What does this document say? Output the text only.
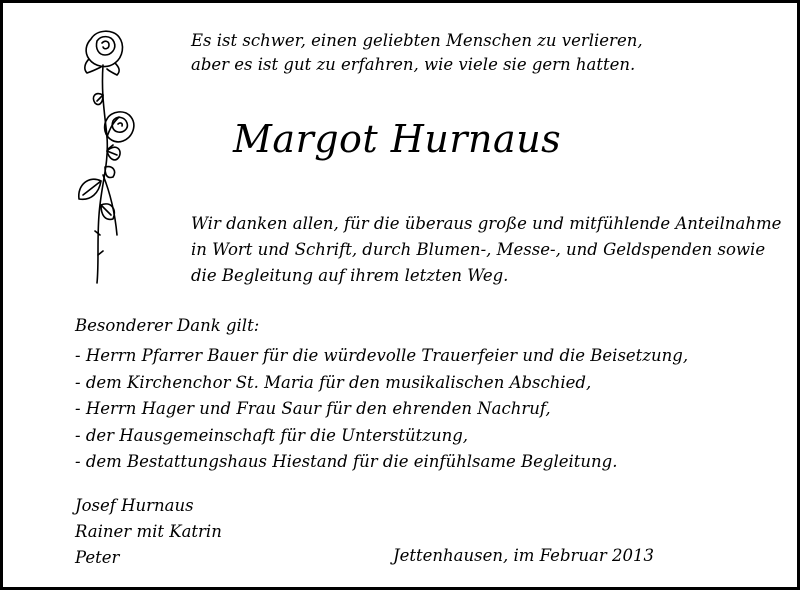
Es ist schwer, einen geliebten Menschen zu verlieren,
aber es ist gut zu erfahren, wie viele sie gern hatten.
Margot Hurnaus
Wir danken allen, für die überaus große und mitfühlende Anteilnahme
in Wort und Schrift, durch Blumen-, Messe-, und Geldspenden sowie
die Begleitung auf ihrem letzten Weg.
Besonderer Dank gilt:
- Herrn Pfarrer Bauer für die würdevolle Trauerfeier und die Beisetzung,
- dem Kirchenchor St. Maria für den musikalischen Abschied,
- Herrn Hager und Frau Saur für den ehrenden Nachruf,
- der Hausgemeinschaft für die Unterstützung,
- dem Bestattungshaus Hiestand für die einfühlsame Begleitung.
Josef Hurnaus
Rainer mit Katrin
Peter	Jettenhausen, im Februar 2013
